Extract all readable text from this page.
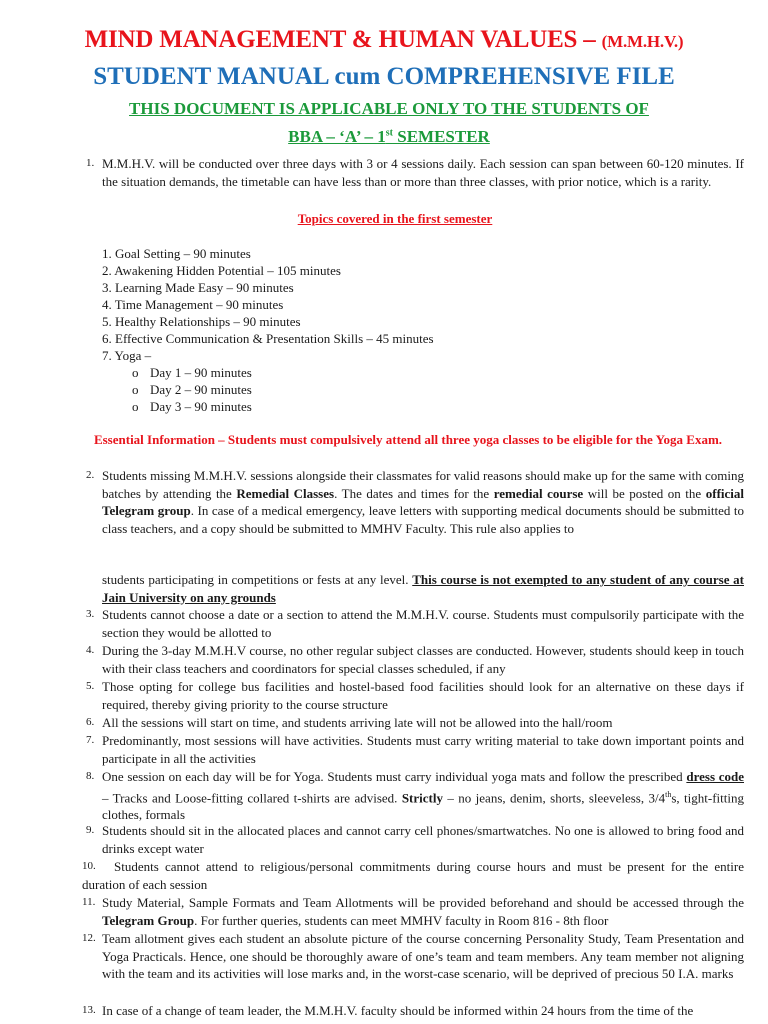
MIND MANAGEMENT & HUMAN VALUES – (M.M.H.V.)
STUDENT MANUAL cum COMPREHENSIVE FILE
THIS DOCUMENT IS APPLICABLE ONLY TO THE STUDENTS OF
BBA – ‘A’ – 1st SEMESTER
1. M.M.H.V. will be conducted over three days with 3 or 4 sessions daily. Each session can span between 60-120 minutes. If the situation demands, the timetable can have less than or more than three classes, with prior notice, which is a rarity.
Topics covered in the first semester
1. Goal Setting – 90 minutes
2. Awakening Hidden Potential – 105 minutes
3. Learning Made Easy – 90 minutes
4. Time Management – 90 minutes
5. Healthy Relationships – 90 minutes
6. Effective Communication & Presentation Skills – 45 minutes
7. Yoga –
o Day 1 – 90 minutes
o Day 2 – 90 minutes
o Day 3 – 90 minutes
Essential Information – Students must compulsively attend all three yoga classes to be eligible for the Yoga Exam.
2. Students missing M.M.H.V. sessions alongside their classmates for valid reasons should make up for the same with coming batches by attending the Remedial Classes. The dates and times for the remedial course will be posted on the official Telegram group. In case of a medical emergency, leave letters with supporting medical documents should be submitted to class teachers, and a copy should be submitted to MMHV Faculty. This rule also applies to
students participating in competitions or fests at any level. This course is not exempted to any student of any course at Jain University on any grounds
3. Students cannot choose a date or a section to attend the M.M.H.V. course. Students must compulsorily participate with the section they would be allotted to
4. During the 3-day M.M.H.V course, no other regular subject classes are conducted. However, students should keep in touch with their class teachers and coordinators for special classes scheduled, if any
5. Those opting for college bus facilities and hostel-based food facilities should look for an alternative on these days if required, thereby giving priority to the course structure
6. All the sessions will start on time, and students arriving late will not be allowed into the hall/room
7. Predominantly, most sessions will have activities. Students must carry writing material to take down important points and participate in all the activities
8. One session on each day will be for Yoga. Students must carry individual yoga mats and follow the prescribed dress code – Tracks and Loose-fitting collared t-shirts are advised. Strictly – no jeans, denim, shorts, sleeveless, 3/4ths, tight-fitting clothes, formals
9. Students should sit in the allocated places and cannot carry cell phones/smartwatches. No one is allowed to bring food and drinks except water
10.	Students cannot attend to religious/personal commitments during course hours and must be present for the entire duration of each session
11. Study Material, Sample Formats and Team Allotments will be provided beforehand and should be accessed through the Telegram Group. For further queries, students can meet MMHV faculty in Room 816 - 8th floor
12. Team allotment gives each student an absolute picture of the course concerning Personality Study, Team Presentation and Yoga Practicals. Hence, one should be thoroughly aware of one’s team and team members. Any team member not aligning with the team and its activities will lose marks and, in the worst-case scenario, will be deprived of precious 50 I.A. marks
13. In case of a change of team leader, the M.M.H.V. faculty should be informed within 24 hours from the time of the
